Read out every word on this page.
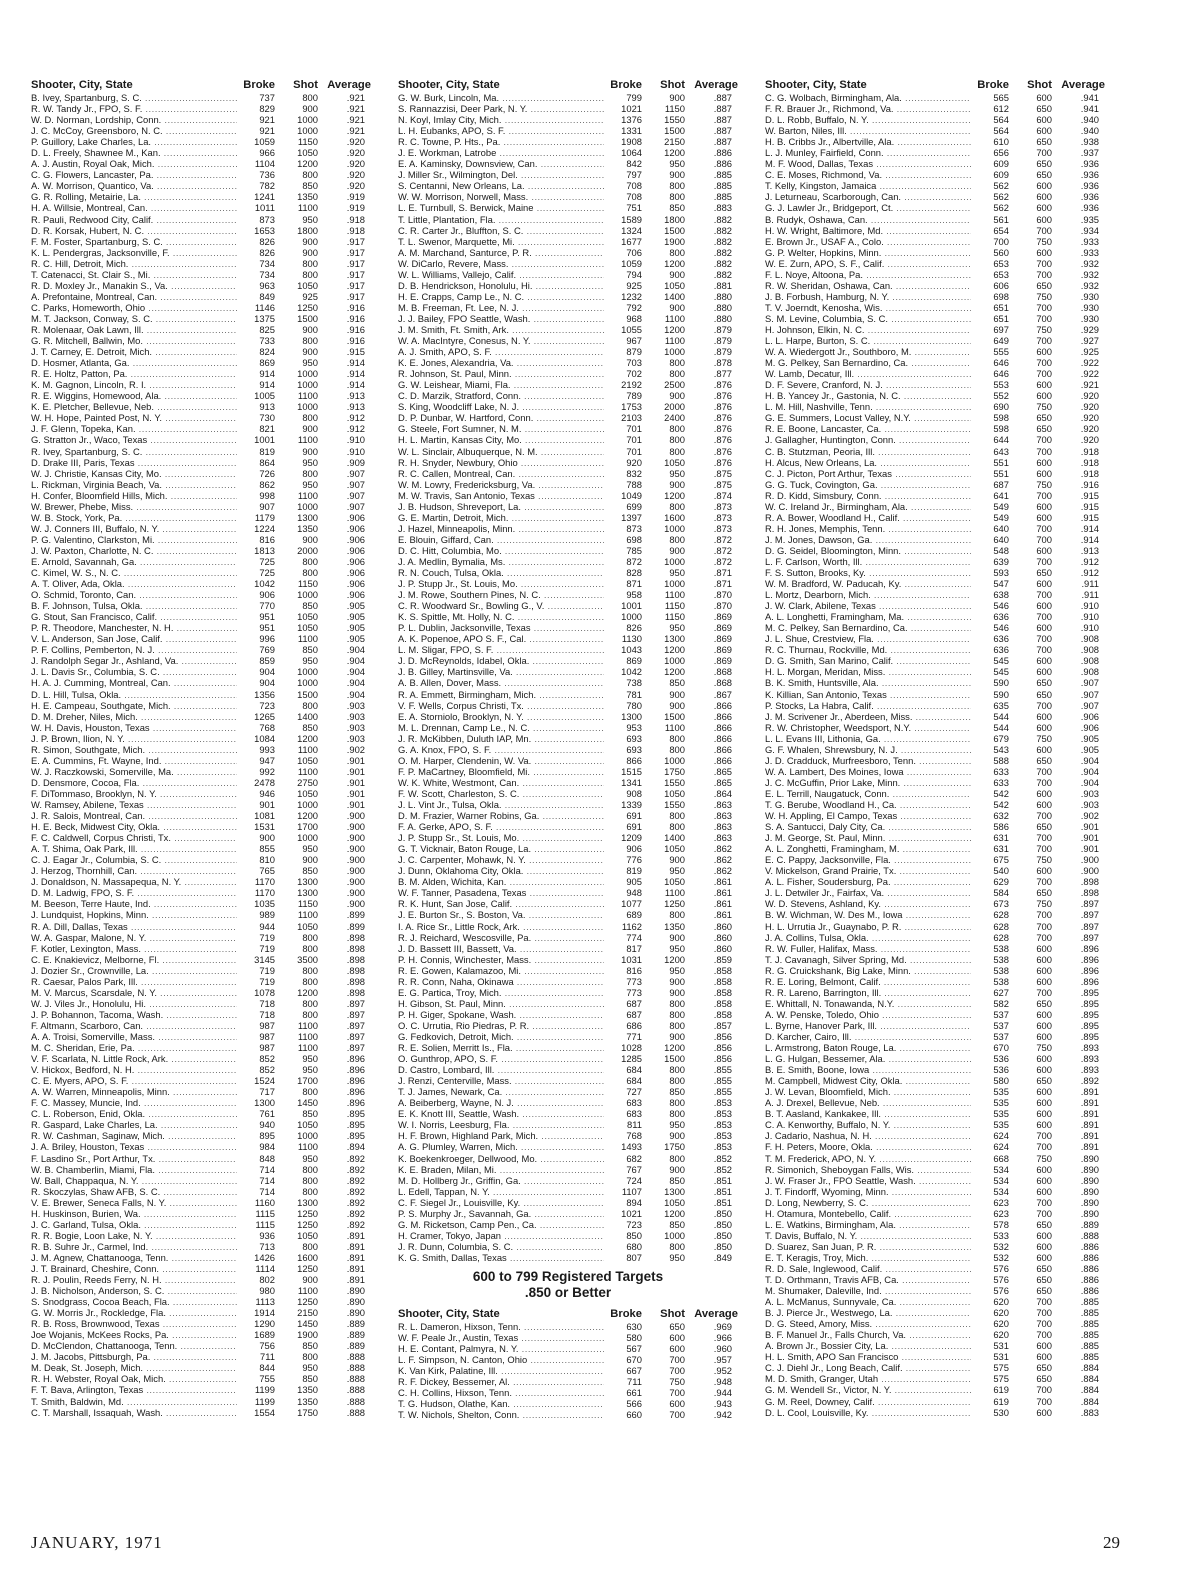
Shooter, City, State	Broke	Shot Average
B. Ivey, Spartanburg, S. C. .....	737	800	.921
R. W. Tandy Jr., FPO, S. F. .....	829	900	.921
W. D. Norman, Lordship, Conn. .....	921	1000	.921
J. C. McCoy, Greensboro, N. C. .....	921	1000	.921
P. Guillory, Lake Charles, La. .....	1059	1150	.920
D. L. Freely, Shawnee M., Kan. .....	966	1050	.920
A. J. Austin, Royal Oak, Mich. .....	1104	1200	.920
C. G. Flowers, Lancaster, Pa. .....	736	800	.920
A. W. Morrison, Quantico, Va. .....	782	850	.920
G. R. Rolling, Metairie, La. .....	1241	1350	.919
H. A. Willsie, Montreal, Can. .....	1011	1100	.919
R. Pauli, Redwood City, Calif. .....	873	950	.918
D. R. Korsak, Hubert, N. C. .....	1653	1800	.918
F. M. Foster, Spartanburg, S. C. .....	826	900	.917
K. L. Pendergras, Jacksonville, F. .....	826	900	.917
R. C. Hill, Detroit, Mich. .....	734	800	.917
T. Catenacci, St. Clair S., Mi. .....	734	800	.917
R. D. Moxley Jr., Manakin S., Va. .....	963	1050	.917
A. Prefontaine, Montreal, Can. .....	849	925	.917
C. Parks, Homeworth, Ohio .....	1146	1250	.916
M. T. Jackson, Conway, S. C. .....	1375	1500	.916
R. Molenaar, Oak Lawn, Ill. .....	825	900	.916
G. R. Mitchell, Ballwin, Mo. .....	733	800	.916
J. T. Carney, E. Detroit, Mich. .....	824	900	.915
D. Hosmer, Atlanta, Ga. .....	869	950	.914
R. E. Holtz, Patton, Pa. .....	914	1000	.914
K. M. Gagnon, Lincoln, R. I. .....	914	1000	.914
R. E. Wiggins, Homewood, Ala. .....	1005	1100	.913
K. E. Pletcher, Bellevue, Neb. .....	913	1000	.913
W. H. Hope, Painted Post, N. Y. .....	730	800	.912
J. F. Glenn, Topeka, Kan. .....	821	900	.912
G. Stratton Jr., Waco, Texas .....	1001	1100	.910
R. Ivey, Spartanburg, S. C. .....	819	900	.910
D. Drake III, Paris, Texas .....	864	950	.909
W. J. Christie, Kansas City, Mo. .....	726	800	.907
L. Rickman, Virginia Beach, Va. .....	862	950	.907
H. Confer, Bloomfield Hills, Mich. .....	998	1100	.907
W. Brewer, Phebe, Miss. .....	907	1000	.907
W. B. Stock, York, Pa. .....	1179	1300	.906
W. J. Conners III, Buffalo, N. Y. .....	1224	1350	.906
P. G. Valentino, Clarkston, Mi. .....	816	900	.906
J. W. Paxton, Charlotte, N. C. .....	1813	2000	.906
E. Arnold, Savannah, Ga. .....	725	800	.906
C. Kimel, W. S., N. C. .....	725	800	.906
A. T. Oliver, Ada, Okla. .....	1042	1150	.906
O. Schmid, Toronto, Can. .....	906	1000	.906
B. F. Johnson, Tulsa, Okla. .....	770	850	.905
G. Stout, San Francisco, Calif. .....	951	1050	.905
P. R. Theodore, Manchester, N. H. .....	951	1050	.905
V. L. Anderson, San Jose, Calif. .....	996	1100	.905
P. F. Collins, Pemberton, N. J. .....	769	850	.904
J. Randolph Segar Jr., Ashland, Va. .....	859	950	.904
J. L. Davis Sr., Columbia, S. C. .....	904	1000	.904
H. A. J. Cumming, Montreal, Can. .....	904	1000	.904
D. L. Hill, Tulsa, Okla. .....	1356	1500	.904
H. E. Campeau, Southgate, Mich. .....	723	800	.903
D. M. Dreher, Niles, Mich. .....	1265	1400	.903
W. H. Davis, Houston, Texas .....	768	850	.903
J. P. Brown, Ilion, N. Y. .....	1084	1200	.903
R. Simon, Southgate, Mich. .....	993	1100	.902
E. A. Cummins, Ft. Wayne, Ind. .....	947	1050	.901
W. J. Raczkowski, Somerville, Ma. .....	992	1100	.901
D. Densmore, Cocoa, Fla. .....	2478	2750	.901
F. DiTommaso, Brooklyn, N. Y. .....	946	1050	.901
W. Ramsey, Abilene, Texas .....	901	1000	.901
J. R. Salois, Montreal, Can. .....	1081	1200	.900
H. E. Beck, Midwest City, Okla. .....	1531	1700	.900
F. C. Caldwell, Corpus Christi, Tx. .....	900	1000	.900
A. T. Shima, Oak Park, Ill. .....	855	950	.900
C. J. Eagar Jr., Columbia, S. C. .....	810	900	.900
J. Herzog, Thornhill, Can. .....	765	850	.900
J. Donaldson, N. Massapequa, N. Y. .....	1170	1300	.900
D. M. Ladwig, FPO, S. F. .....	1170	1300	.900
M. Beeson, Terre Haute, Ind. .....	1035	1150	.900
J. Lundquist, Hopkins, Minn. .....	989	1100	.899
R. A. Dill, Dallas, Texas .....	944	1050	.899
W. A. Gaspar, Malone, N. Y. .....	719	800	.898
F. Kotler, Lexington, Mass. .....	719	800	.898
C. E. Knakievicz, Melborne, Fl. .....	3145	3500	.898
J. Dozier Sr., Crownville, La. .....	719	800	.898
R. Caesar, Palos Park, Ill. .....	719	800	.898
M. V. Marcus, Scarsdale, N. Y. .....	1078	1200	.898
W. J. Viles Jr., Honolulu, Hi. .....	718	800	.897
J. P. Bohannon, Tacoma, Wash. .....	718	800	.897
F. Altmann, Scarboro, Can. .....	987	1100	.897
A. A. Troisi, Somerville, Mass. .....	987	1100	.897
M. C. Sheridan, Erie, Pa. .....	987	1100	.897
V. F. Scarlata, N. Little Rock, Ark. .....	852	950	.896
V. Hickox, Bedford, N. H. .....	852	950	.896
C. E. Myers, APO, S. F. .....	1524	1700	.896
A. W. Warren, Minneapolis, Minn. .....	717	800	.896
F. C. Massey, Muncie, Ind. .....	1300	1450	.896
C. L. Roberson, Enid, Okla. .....	761	850	.895
R. Gaspard, Lake Charles, La. .....	940	1050	.895
R. W. Cashman, Saginaw, Mich. .....	895	1000	.895
J. A. Briley, Houston, Texas .....	984	1100	.894
F. Lasdino Sr., Port Arthur, Tx. .....	848	950	.892
W. B. Chamberlin, Miami, Fla. .....	714	800	.892
W. Ball, Chappaqua, N. Y. .....	714	800	.892
R. Skoczylas, Shaw AFB, S. C. .....	714	800	.892
V. E. Brewer, Seneca Falls, N. Y. .....	1160	1300	.892
H. Huskinson, Burien, Wa. .....	1115	1250	.892
J. C. Garland, Tulsa, Okla. .....	1115	1250	.892
R. R. Bogie, Loon Lake, N. Y. .....	936	1050	.891
R. B. Suhre Jr., Carmel, Ind. .....	713	800	.891
J. M. Agnew, Chattanooga, Tenn. .....	1426	1600	.891
J. T. Brainard, Cheshire, Conn. .....	1114	1250	.891
R. J. Poulin, Reeds Ferry, N. H. .....	802	900	.891
J. B. Nicholson, Anderson, S. C. .....	980	1100	.890
S. Snodgrass, Cocoa Beach, Fla. .....	1113	1250	.890
G. W. Morris Jr., Rockledge, Fla. .....	1914	2150	.890
R. B. Ross, Brownwood, Texas .....	1290	1450	.889
Joe Wojanis, McKees Rocks, Pa. .....	1689	1900	.889
D. McClendon, Chattanooga, Tenn. .....	756	850	.889
J. M. Jacobs, Pittsburgh, Pa. .....	711	800	.888
M. Deak, St. Joseph, Mich. .....	844	950	.888
R. H. Webster, Royal Oak, Mich. .....	755	850	.888
F. T. Bava, Arlington, Texas .....	1199	1350	.888
T. Smith, Baldwin, Md. .....	1199	1350	.888
C. T. Marshall, Issaquah, Wash. .....	1554	1750	.888
Shooter, City, State	Broke	Shot Average
G. W. Burk, Lincoln, Ma. .....	799	900	.887
S. Rannazzisi, Deer Park, N. Y. .....	1021	1150	.887
N. Koyl, Imlay City, Mich. .....	1376	1550	.887
L. H. Eubanks, APO, S. F. .....	1331	1500	.887
R. C. Towne, P. Hts., Pa. .....	1908	2150	.887
J. E. Workman, Latrobe .....	1064	1200	.886
E. A. Kaminsky, Downsview, Can. .....	842	950	.886
J. Miller Sr., Wilmington, Del. .....	797	900	.885
S. Centanni, New Orleans, La. .....	708	800	.885
W. W. Morrison, Norwell, Mass. .....	708	800	.885
L. E. Turnbull, S. Berwick, Maine .....	751	850	.883
T. Little, Plantation, Fla. .....	1589	1800	.882
C. R. Carter Jr., Bluffton, S. C. .....	1324	1500	.882
T. L. Swenor, Marquette, Mi. .....	1677	1900	.882
A. M. Marchand, Santurce, P. R. .....	706	800	.882
W. DiCarlo, Revere, Mass. .....	1059	1200	.882
W. L. Williams, Vallejo, Calif. .....	794	900	.882
D. B. Hendrickson, Honolulu, Hi. .....	925	1050	.881
H. E. Crapps, Camp Le., N. C. .....	1232	1400	.880
M. B. Freeman, Ft. Lee, N. J. .....	792	900	.880
J. J. Bailey, FPO Seattle, Wash. .....	968	1100	.880
J. M. Smith, Ft. Smith, Ark. .....	1055	1200	.879
W. A. MacIntyre, Conesus, N. Y. .....	967	1100	.879
A. J. Smith, APO, S. F. .....	879	1000	.879
K. E. Jones, Alexandria, Va. .....	703	800	.878
R. Johnson, St. Paul, Minn. .....	702	800	.877
G. W. Leishear, Miami, Fla. .....	2192	2500	.876
C. D. Marzik, Stratford, Conn. .....	789	900	.876
S. King, Woodcliff Lake, N. J. .....	1753	2000	.876
D. P. Dunbar, W. Hartford, Conn. .....	2103	2400	.876
G. Steele, Fort Sumner, N. M. .....	701	800	.876
H. L. Martin, Kansas City, Mo. .....	701	800	.876
W. L. Sinclair, Albuquerque, N. M. .....	701	800	.876
R. H. Snyder, Newbury, Ohio .....	920	1050	.876
R. C. Callen, Montreal, Can. .....	832	950	.875
W. M. Lowry, Fredericksburg, Va. .....	788	900	.875
M. W. Travis, San Antonio, Texas .....	1049	1200	.874
J. B. Hudson, Shreveport, La. .....	699	800	.873
G. E. Martin, Detroit, Mich. .....	1397	1600	.873
J. Hazel, Minneapolis, Minn. .....	873	1000	.873
E. Blouin, Giffard, Can. .....	698	800	.872
D. C. Hitt, Columbia, Mo. .....	785	900	.872
J. A. Medlin, Bymalia, Ms. .....	872	1000	.872
R. N. Couch, Tulsa, Okla. .....	828	950	.871
J. P. Stupp Jr., St. Louis, Mo. .....	871	1000	.871
J. M. Rowe, Southern Pines, N. C. .....	958	1100	.870
C. R. Woodward Sr., Bowling G., V. .....	1001	1150	.870
K. S. Spittle, Mt. Holly, N. C. .....	1000	1150	.869
P. L. Dublin, Jacksonville, Texas .....	826	950	.869
A. K. Popenoe, APO S. F., Cal. .....	1130	1300	.869
L. M. Sligar, FPO, S. F. .....	1043	1200	.869
J. D. McReynolds, Idabel, Okla. .....	869	1000	.869
J. B. Gilley, Martinsville, Va. .....	1042	1200	.868
A. B. Allen, Dover, Mass. .....	738	850	.868
R. A. Emmett, Birmingham, Mich. .....	781	900	.867
V. F. Wells, Corpus Christi, Tx. .....	780	900	.866
E. A. Storniolo, Brooklyn, N. Y. .....	1300	1500	.866
M. L. Drennan, Camp Le., N. C. .....	953	1100	.866
J. R. McKibben, Duluth IAP, Mn. .....	693	800	.866
G. A. Knox, FPO, S. F. .....	693	800	.866
O. M. Harper, Clendenin, W. Va. .....	866	1000	.866
F. P. MaCartney, Bloomfield, Mi. .....	1515	1750	.865
W. K. White, Westmont, Can. .....	1341	1550	.865
F. W. Scott, Charleston, S. C. .....	908	1050	.864
J. L. Vint Jr., Tulsa, Okla. .....	1339	1550	.863
D. M. Frazier, Warner Robins, Ga. .....	691	800	.863
F. A. Gerke, APO, S. F. .....	691	800	.863
J. P. Stupp Sr., St. Louis, Mo. .....	1209	1400	.863
G. T. Vicknair, Baton Rouge, La. .....	906	1050	.862
J. C. Carpenter, Mohawk, N. Y. .....	776	900	.862
J. Dunn, Oklahoma City, Okla. .....	819	950	.862
B. M. Alden, Wichita, Kan. .....	905	1050	.861
W. F. Tanner, Pasadena, Texas .....	948	1100	.861
R. K. Hunt, San Jose, Calif. .....	1077	1250	.861
J. E. Burton Sr., S. Boston, Va. .....	689	800	.861
I. A. Rice Sr., Little Rock, Ark. .....	1162	1350	.860
R. J. Reichard, Wescosville, Pa. .....	774	900	.860
J. D. Bassett III, Bassett, Va. .....	817	950	.860
P. H. Connis, Winchester, Mass. .....	1031	1200	.859
R. E. Gowen, Kalamazoo, Mi. .....	816	950	.858
R. R. Conn, Naha, Okinawa .....	773	900	.858
E. G. Partica, Troy, Mich. .....	773	900	.858
H. Gibson, St. Paul, Minn. .....	687	800	.858
P. H. Giger, Spokane, Wash. .....	687	800	.858
O. C. Urrutia, Rio Piedras, P. R. .....	686	800	.857
G. Fedkovich, Detroit, Mich. .....	771	900	.856
R. E. Solien, Merritt Is., Fla. .....	1028	1200	.856
O. Gunthrop, APO, S. F. .....	1285	1500	.856
D. Castro, Lombard, Ill. .....	684	800	.855
J. Renzi, Centerville, Mass. .....	684	800	.855
T. J. James, Newark, Ca. .....	727	850	.855
A. Beiberberg, Wayne, N. J. .....	683	800	.853
E. K. Knott III, Seattle, Wash. .....	683	800	.853
W. I. Norris, Leesburg, Fla. .....	811	950	.853
H. F. Brown, Highland Park, Mich. .....	768	900	.853
A. G. Plumley, Warren, Mich. .....	1493	1750	.853
K. Boekenkroeger, Dellwood, Mo. .....	682	800	.852
K. E. Braden, Milan, Mi. .....	767	900	.852
M. D. Hollberg Jr., Griffin, Ga. .....	724	850	.851
L. Edell, Tappan, N. Y. .....	1107	1300	.851
C. F. Siegel Jr., Louisville, Ky. .....	894	1050	.851
P. S. Murphy Jr., Savannah, Ga. .....	1021	1200	.850
G. M. Ricketson, Camp Pen., Ca. .....	723	850	.850
H. Cramer, Tokyo, Japan .....	850	1000	.850
J. R. Dunn, Columbia, S. C. .....	680	800	.850
K. G. Smith, Dallas, Texas .....	807	950	.849
600 to 799 Registered Targets
.850 or Better
Shooter, City, State	Broke	Shot Average
R. L. Dameron, Hixson, Tenn. .....	630	650	.969
W. F. Peale Jr., Austin, Texas .....	580	600	.966
H. E. Contant, Palmyra, N. Y. .....	567	600	.960
L. F. Simpson, N. Canton, Ohio .....	670	700	.957
K. Van Kirk, Palatine, Ill. .....	667	700	.952
R. F. Dickey, Bessemer, Al. .....	711	750	.948
C. H. Collins, Hixson, Tenn. .....	661	700	.944
T. G. Hudson, Olathe, Kan. .....	566	600	.943
T. W. Nichols, Shelton, Conn. .....	660	700	.942
Shooter, City, State	Broke	Shot Average
C. G. Wolbach, Birmingham, Ala. .....	565	600	.941
F. R. Brauer Jr., Richmond, Va. .....	612	650	.941
D. L. Robb, Buffalo, N. Y. .....	564	600	.940
W. Barton, Niles, Ill. .....	564	600	.940
H. B. Cribbs Jr., Albertville, Ala. .....	610	650	.938
L. J. Munley, Fairfield, Conn. .....	656	700	.937
M. F. Wood, Dallas, Texas .....	609	650	.936
C. E. Moses, Richmond, Va. .....	609	650	.936
T. Kelly, Kingston, Jamaica .....	562	600	.936
J. Leturneau, Scarborough, Can. .....	562	600	.936
G. J. Lawler Jr., Bridgeport, Ct. .....	562	600	.936
B. Rudyk, Oshawa, Can. .....	561	600	.935
H. W. Wright, Baltimore, Md. .....	654	700	.934
E. Brown Jr., USAF A., Colo. .....	700	750	.933
G. P. Welter, Hopkins, Minn. .....	560	600	.933
W. E. Zurn, APO, S. F., Calif. .....	653	700	.932
F. L. Noye, Altoona, Pa. .....	653	700	.932
R. W. Sheridan, Oshawa, Can. .....	606	650	.932
J. B. Forbush, Hamburg, N. Y. .....	698	750	.930
T. V. Joerndt, Kenosha, Wis. .....	651	700	.930
S. M. Levine, Columbia, S. C. .....	651	700	.930
H. Johnson, Elkin, N. C. .....	697	750	.929
L. L. Harpe, Burton, S. C. .....	649	700	.927
W. A. Wiedergott Jr., Southboro, M. .....	555	600	.925
M. G. Pelkey, San Bernardino, Ca. .....	646	700	.922
W. Lamb, Decatur, Ill. .....	646	700	.922
D. F. Severe, Cranford, N. J. .....	553	600	.921
H. B. Yancey Jr., Gastonia, N. C. .....	552	600	.920
L. M. Hill, Nashville, Tenn. .....	690	750	.920
G. E. Summers, Locust Valley, N.Y. .....	598	650	.920
R. E. Boone, Lancaster, Ca. .....	598	650	.920
J. Gallagher, Huntington, Conn. .....	644	700	.920
C. B. Stutzman, Peoria, Ill. .....	643	700	.918
H. Alcus, New Orleans, La. .....	551	600	.918
C. J. Picton, Port Arthur, Texas .....	551	600	.918
G. G. Tuck, Covington, Ga. .....	687	750	.916
R. D. Kidd, Simsbury, Conn. .....	641	700	.915
W. C. Ireland Jr., Birmingham, Ala. .....	549	600	.915
R. A. Bower, Woodland H., Calif. .....	549	600	.915
R. H. Jones, Memphis, Tenn. .....	640	700	.914
J. M. Jones, Dawson, Ga. .....	640	700	.914
D. G. Seidel, Bloomington, Minn. .....	548	600	.913
L. F. Carlson, Worth, Ill. .....	639	700	.912
F. S. Sutton, Brooks, Ky. .....	593	650	.912
W. M. Bradford, W. Paducah, Ky. .....	547	600	.911
L. Mortz, Dearborn, Mich. .....	638	700	.911
J. W. Clark, Abilene, Texas .....	546	600	.910
A. L. Longhetti, Framingham, Ma. .....	636	700	.910
M. C. Pelkey, San Bernardino, Ca. .....	546	600	.910
J. L. Shue, Crestview, Fla. .....	636	700	.908
R. C. Thurnau, Rockville, Md. .....	636	700	.908
D. G. Smith, San Marino, Calif. .....	545	600	.908
H. L. Morgan, Meridan, Miss. .....	545	600	.908
B. K. Smith, Huntsville, Ala. .....	590	650	.907
K. Killian, San Antonio, Texas .....	590	650	.907
P. Stocks, La Habra, Calif. .....	635	700	.907
J. M. Scrivener Jr., Aberdeen, Miss. .....	544	600	.906
R. W. Christopher, Weedsport, N.Y. .....	544	600	.906
L. L. Evans III, Lithonia, Ga. .....	679	750	.905
G. F. Whalen, Shrewsbury, N. J. .....	543	600	.905
J. D. Cradduck, Murfreesboro, Tenn. .....	588	650	.904
W. A. Lambert, Des Moines, Iowa .....	633	700	.904
J. C. McGuffin, Prior Lake, Minn. .....	633	700	.904
E. L. Terrill, Naugatuck, Conn. .....	542	600	.903
T. G. Berube, Woodland H., Ca. .....	542	600	.903
W. H. Appling, El Campo, Texas .....	632	700	.902
S. A. Santucci, Daly City, Ca. .....	586	650	.901
J. M. George, St. Paul, Minn. .....	631	700	.901
A. L. Zonghetti, Framingham, M. .....	631	700	.901
E. C. Pappy, Jacksonville, Fla. .....	675	750	.900
V. Mickelson, Grand Prairie, Tx. .....	540	600	.900
A. L. Fisher, Soudersburg, Pa. .....	629	700	.898
J. L. Detwiler Jr., Fairfax, Va. .....	584	650	.898
W. D. Stevens, Ashland, Ky. .....	673	750	.897
B. W. Wichman, W. Des M., Iowa .....	628	700	.897
H. L. Urrutia Jr., Guaynabo, P. R. .....	628	700	.897
J. A. Collins, Tulsa, Okla. .....	628	700	.897
R. W. Fuller, Halifax, Mass. .....	538	600	.896
T. J. Cavanagh, Silver Spring, Md. .....	538	600	.896
R. G. Cruickshank, Big Lake, Minn. .....	538	600	.896
R. E. Loring, Belmont, Calif. .....	538	600	.896
R. R. Lareno, Barrington, Ill. .....	627	700	.895
E. Whittall, N. Tonawanda, N.Y. .....	582	650	.895
A. W. Penske, Toledo, Ohio .....	537	600	.895
L. Byrne, Hanover Park, Ill. .....	537	600	.895
D. Karcher, Cairo, Ill. .....	537	600	.895
L. Armstrong, Baton Rouge, La. .....	670	750	.893
L. G. Hulgan, Bessemer, Ala. .....	536	600	.893
B. E. Smith, Boone, Iowa .....	536	600	.893
M. Campbell, Midwest City, Okla. .....	580	650	.892
J. W. Levan, Bloomfield, Mich. .....	535	600	.891
A. J. Drexel, Bellevue, Neb. .....	535	600	.891
B. T. Aasland, Kankakee, Ill. .....	535	600	.891
C. A. Kenworthy, Buffalo, N. Y. .....	535	600	.891
J. Cadario, Nashua, N. H. .....	624	700	.891
F. H. Peters, Moore, Okla. .....	624	700	.891
T. M. Frederick, APO, N. Y. .....	668	750	.890
R. Simonich, Sheboygan Falls, Wis. .....	534	600	.890
J. W. Fraser Jr., FPO Seattle, Wash. .....	534	600	.890
J. T. Findorff, Wyoming, Minn. .....	534	600	.890
D. Long, Newberry, S. C. .....	623	700	.890
H. Otamura, Montebello, Calif. .....	623	700	.890
L. E. Watkins, Birmingham, Ala. .....	578	650	.889
T. Davis, Buffalo, N. Y. .....	533	600	.888
D. Suarez, San Juan, P. R. .....	532	600	.886
E. T. Keragis, Troy, Mich. .....	532	600	.886
R. D. Sale, Inglewood, Calif. .....	576	650	.886
T. D. Orthmann, Travis AFB, Ca. .....	576	650	.886
M. Shumaker, Daleville, Ind. .....	576	650	.886
A. L. McManus, Sunnyvale, Ca. .....	620	700	.885
B. J. Pierce Jr., Westwego, La. .....	620	700	.885
D. G. Steed, Amory, Miss. .....	620	700	.885
B. F. Manuel Jr., Falls Church, Va. .....	620	700	.885
A. Brown Jr., Bossier City, La. .....	531	600	.885
H. L. Smith, APO San Francisco .....	531	600	.885
C. J. Diehl Jr., Long Beach, Calif. .....	575	650	.884
M. D. Smith, Granger, Utah .....	575	650	.884
G. M. Wendell Sr., Victor, N. Y. .....	619	700	.884
G. M. Reel, Downey, Calif. .....	619	700	.884
D. L. Cool, Louisville, Ky. .....	530	600	.883
JANUARY, 1971	29
